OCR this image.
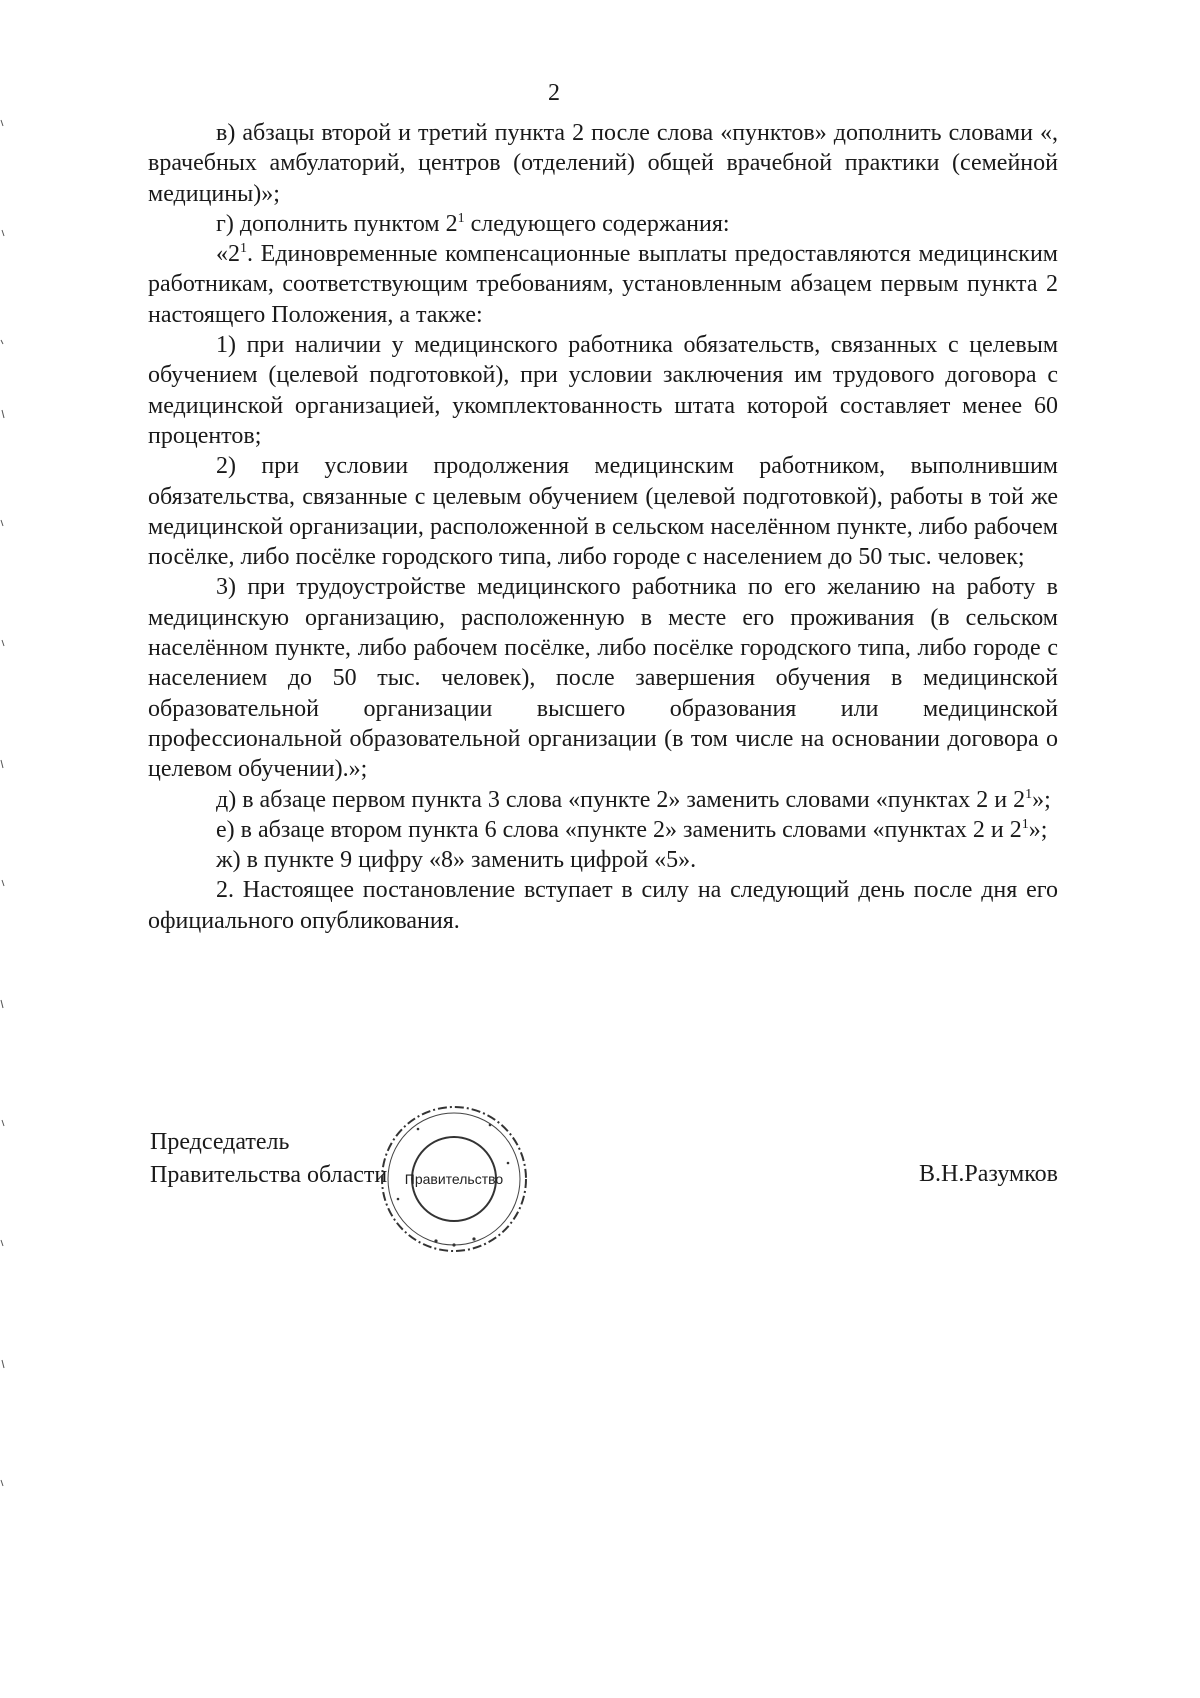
2

в) абзацы второй и третий пункта 2 после слова «пунктов» дополнить словами «, врачебных амбулаторий, центров (отделений) общей врачебной практики (семейной медицины)»;

г) дополнить пунктом $2^1$ следующего содержания:

«$2^1$. Единовременные компенсационные выплаты предоставляются медицинским работникам, соответствующим требованиям, установленным абзацем первым пункта 2 настоящего Положения, а также:

1) при наличии у медицинского работника обязательств, связанных с целевым обучением (целевой подготовкой), при условии заключения им трудового договора с медицинской организацией, укомплектованность штата которой составляет менее 60 процентов;

2) при условии продолжения медицинским работником, выполнившим обязательства, связанные с целевым обучением (целевой подготовкой), работы в той же медицинской организации, расположенной в сельском населённом пункте, либо рабочем посёлке, либо посёлке городского типа, либо городе с населением до 50 тыс. человек;

3) при трудоустройстве медицинского работника по его желанию на работу в медицинскую организацию, расположенную в месте его проживания (в сельском населённом пункте, либо рабочем посёлке, либо посёлке городского типа, либо городе с населением до 50 тыс. человек), после завершения обучения в медицинской образовательной организации высшего образования или медицинской профессиональной образовательной организации (в том числе на основании договора о целевом обучении).»;

д) в абзаце первом пункта 3 слова «пункте 2» заменить словами «пунктах 2 и $2^1$»;

е) в абзаце втором пункта 6 слова «пункте 2» заменить словами «пунктах 2 и $2^1$»;

ж) в пункте 9 цифру «8» заменить цифрой «5».

2. Настоящее постановление вступает в силу на следующий день после дня его официального опубликования.

Председатель
Правительства области	Правительство	В.Н.Разумков
